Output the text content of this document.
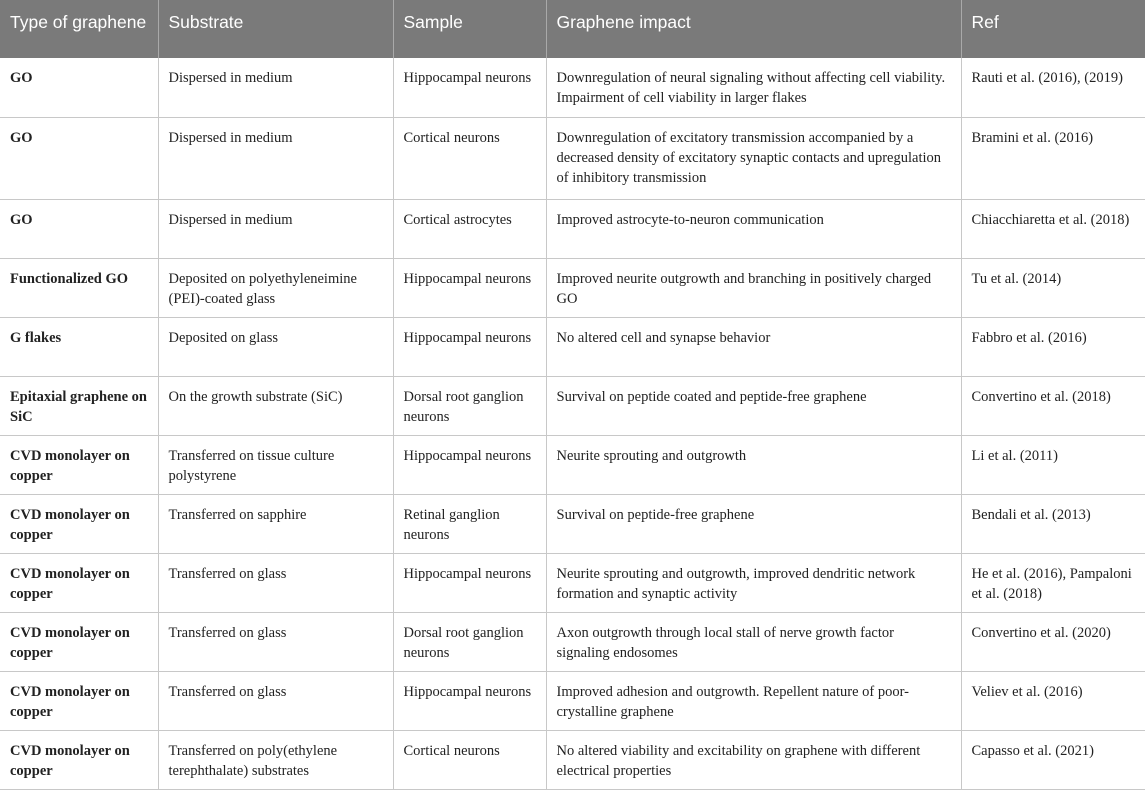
Type of graphene	Substrate	Sample	Graphene impact	Ref
GO	Dispersed in medium	Hippocampal neurons	Downregulation of neural signaling without affecting cell viability. Impairment of cell viability in larger flakes	Rauti et al. (2016), (2019)
GO	Dispersed in medium	Cortical neurons	Downregulation of excitatory transmission accompanied by a decreased density of excitatory synaptic contacts and upregulation of inhibitory transmission	Bramini et al. (2016)
GO	Dispersed in medium	Cortical astrocytes	Improved astrocyte-to-neuron communication	Chiacchiaretta et al. (2018)
Functionalized GO	Deposited on polyethyleneimine (PEI)-coated glass	Hippocampal neurons	Improved neurite outgrowth and branching in positively charged GO	Tu et al. (2014)
G flakes	Deposited on glass	Hippocampal neurons	No altered cell and synapse behavior	Fabbro et al. (2016)
Epitaxial graphene on SiC	On the growth substrate (SiC)	Dorsal root ganglion neurons	Survival on peptide coated and peptide-free graphene	Convertino et al. (2018)
CVD monolayer on copper	Transferred on tissue culture polystyrene	Hippocampal neurons	Neurite sprouting and outgrowth	Li et al. (2011)
CVD monolayer on copper	Transferred on sapphire	Retinal ganglion neurons	Survival on peptide-free graphene	Bendali et al. (2013)
CVD monolayer on copper	Transferred on glass	Hippocampal neurons	Neurite sprouting and outgrowth, improved dendritic network formation and synaptic activity	He et al. (2016), Pampaloni et al. (2018)
CVD monolayer on copper	Transferred on glass	Dorsal root ganglion neurons	Axon outgrowth through local stall of nerve growth factor signaling endosomes	Convertino et al. (2020)
CVD monolayer on copper	Transferred on glass	Hippocampal neurons	Improved adhesion and outgrowth. Repellent nature of poor-crystalline graphene	Veliev et al. (2016)
CVD monolayer on copper	Transferred on poly(ethylene terephthalate) substrates	Cortical neurons	No altered viability and excitability on graphene with different electrical properties	Capasso et al. (2021)
